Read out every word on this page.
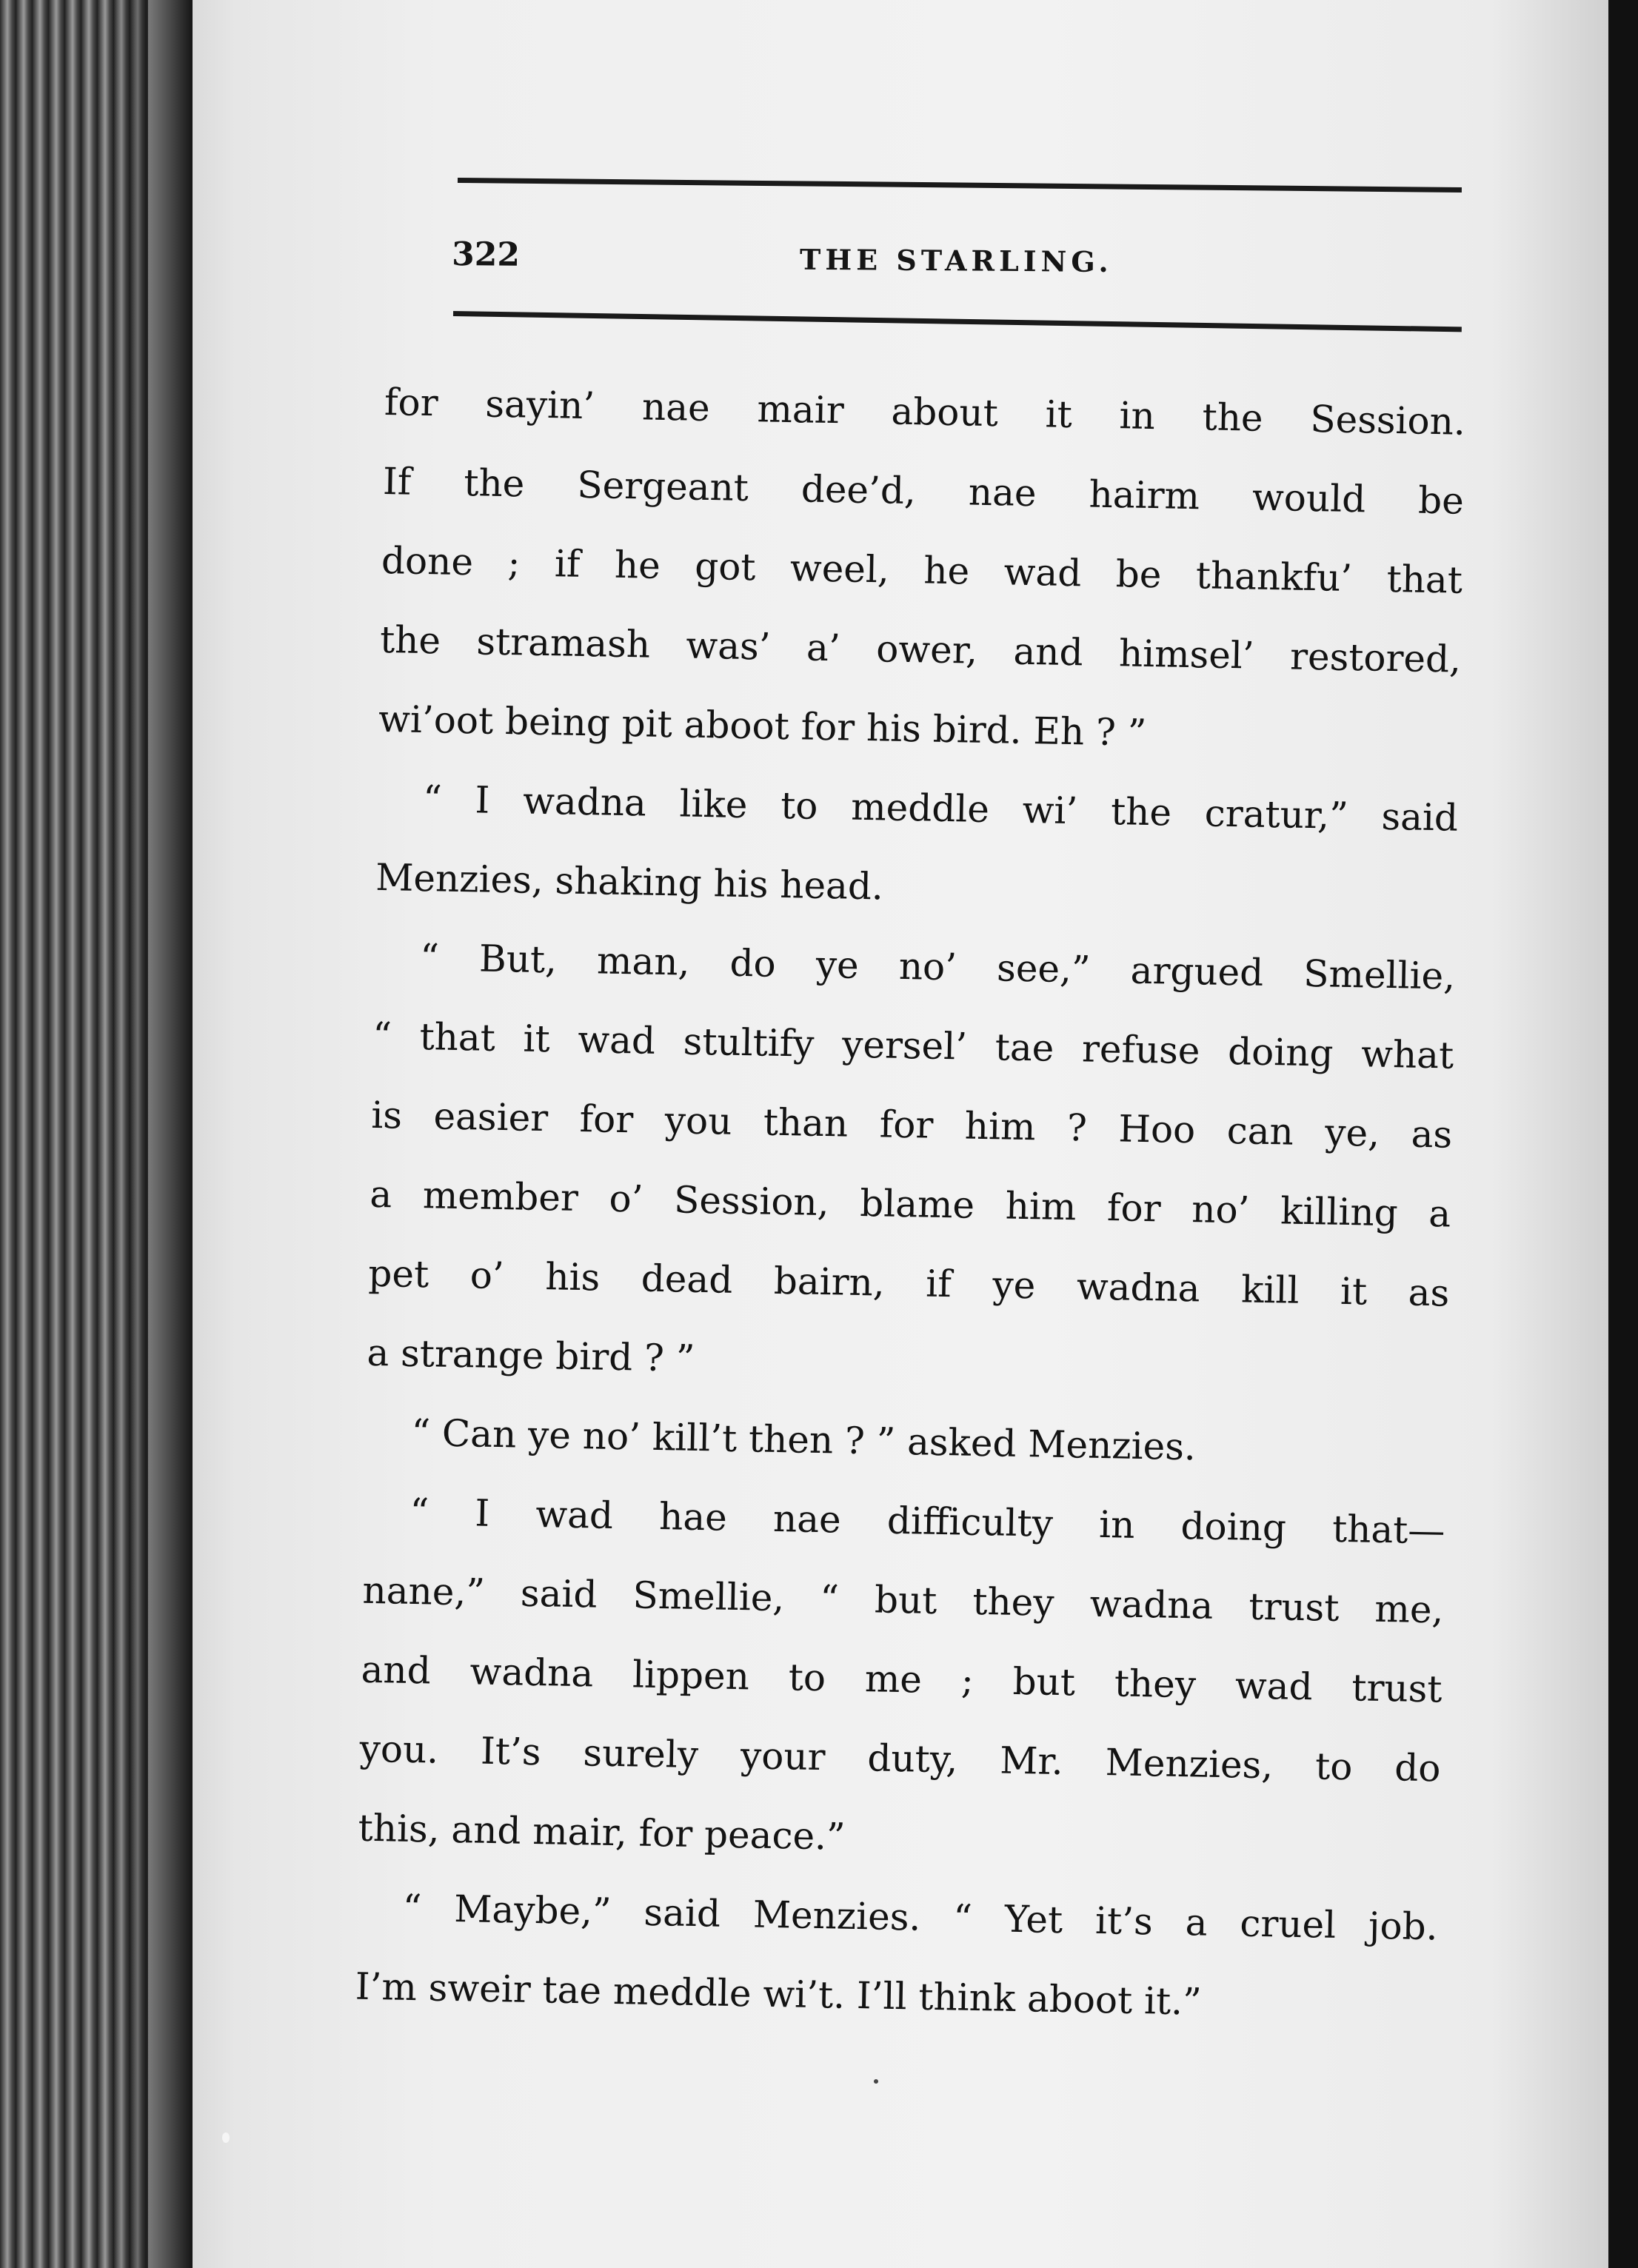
322	THE STARLING.
for sayin’ nae mair about it in the Session.
If the Sergeant dee’d, nae hairm would be
done ; if he got weel, he wad be thankfu’ that
the stramash was’ a’ ower, and himsel’ restored,
wi’oot being pit aboot for his bird. Eh ? ”
“ I wadna like to meddle wi’ the cratur,” said
Menzies, shaking his head.
“ But, man, do ye no’ see,” argued Smellie,
“ that it wad stultify yersel’ tae refuse doing what
is easier for you than for him ? Hoo can ye, as
a member o’ Session, blame him for no’ killing a
pet o’ his dead bairn, if ye wadna kill it as
a strange bird ? ”
“ Can ye no’ kill’t then ? ” asked Menzies.
“ I wad hae nae difficulty in doing that—
nane,” said Smellie, “ but they wadna trust me,
and wadna lippen to me ; but they wad trust
you. It’s surely your duty, Mr. Menzies, to do
this, and mair, for peace.”
“ Maybe,” said Menzies. “ Yet it’s a cruel job.
I’m sweir tae meddle wi’t. I’ll think aboot it.”
